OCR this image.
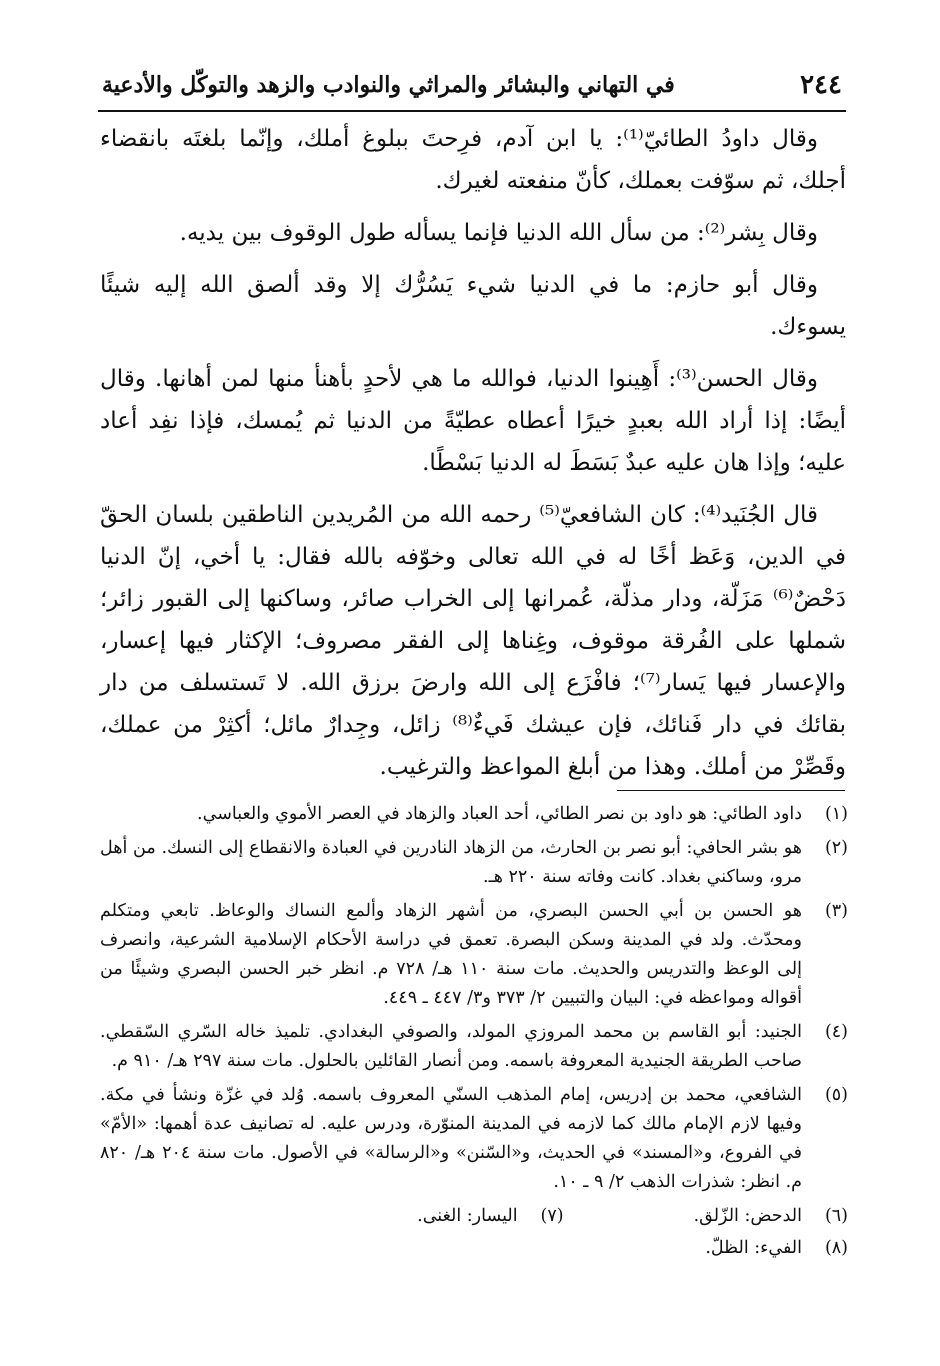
٢٤٤
في التهاني والبشائر والمراثي والنوادب والزهد والتوكّل والأدعية

وقال داودُ الطائيّ⁽¹⁾: يا ابن آدم، فرِحتَ ببلوغ أملك، وإنّما بلغتَه بانقضاء أجلك، ثم سوّفت بعملك، كأنّ منفعته لغيرك.

وقال بِشر⁽²⁾: من سأل الله الدنيا فإنما يسأله طول الوقوف بين يديه.

وقال أبو حازم: ما في الدنيا شيء يَسُرُّك إلا وقد ألصق الله إليه شيئًا يسوءك.

وقال الحسن⁽³⁾: أَهِينوا الدنيا، فوالله ما هي لأحدٍ بأهنأ منها لمن أهانها. وقال أيضًا: إذا أراد الله بعبدٍ خيرًا أعطاه عطيّةً من الدنيا ثم يُمسك، فإذا نفِد أعاد عليه؛ وإذا هان عليه عبدٌ بَسَطَ له الدنيا بَسْطًا.

قال الجُنَيد⁽⁴⁾: كان الشافعيّ⁽⁵⁾ رحمه الله من المُريدين الناطقين بلسان الحقّ في الدين، وَعَظ أخًا له في الله تعالى وخوّفه بالله فقال: يا أخي، إنّ الدنيا دَحْضٌ⁽⁶⁾ مَزَلّة، ودار مذلّة، عُمرانها إلى الخراب صائر، وساكنها إلى القبور زائر؛ شملها على الفُرقة موقوف، وغِناها إلى الفقر مصروف؛ الإكثار فيها إعسار، والإعسار فيها يَسار⁽⁷⁾؛ فافْزَع إلى الله وارضَ برزق الله. لا تَستسلف من دار بقائك في دار فَنائك، فإن عيشك فَيءٌ⁽⁸⁾ زائل، وجِدارٌ مائل؛ أكثِرْ من عملك، وقَصِّرْ من أملك. وهذا من أبلغ المواعظ والترغيب.

(١)
داود الطائي: هو داود بن نصر الطائي، أحد العباد والزهاد في العصر الأموي والعباسي.
(٢)
هو بشر الحافي: أبو نصر بن الحارث، من الزهاد النادرين في العبادة والانقطاع إلى النسك. من أهل مرو، وساكني بغداد. كانت وفاته سنة ٢٢٠ هـ.
(٣)
هو الحسن بن أبي الحسن البصري، من أشهر الزهاد وألمع النساك والوعاظ. تابعي ومتكلم ومحدّث. ولد في المدينة وسكن البصرة. تعمق في دراسة الأحكام الإسلامية الشرعية، وانصرف إلى الوعظ والتدريس والحديث. مات سنة ١١٠ هـ/ ٧٢٨ م. انظر خبر الحسن البصري وشيئًا من أقواله ومواعظه في: البيان والتبيين ٢/ ٣٧٣ و٣/ ٤٤٧ ـ ٤٤٩.
(٤)
الجنيد: أبو القاسم بن محمد المروزي المولد، والصوفي البغدادي. تلميذ خاله السّري السّقطي. صاحب الطريقة الجنيدية المعروفة باسمه. ومن أنصار القائلين بالحلول. مات سنة ٢٩٧ هـ/ ٩١٠ م.
(٥)
الشافعي، محمد بن إدريس، إمام المذهب السنّي المعروف باسمه. وُلد في غزّة ونشأ في مكة. وفيها لازم الإمام مالك كما لازمه في المدينة المنوّرة، ودرس عليه. له تصانيف عدة أهمها: «الأمّ» في الفروع، و«المسند» في الحديث، و«السّنن» و«الرسالة» في الأصول. مات سنة ٢٠٤ هـ/ ٨٢٠ م. انظر: شذرات الذهب ٢/ ٩ ـ ١٠.
(٦)
الدحض: الزّلق.
(٧)
اليسار: الغنى.
(٨)
الفيء: الظلّ.
